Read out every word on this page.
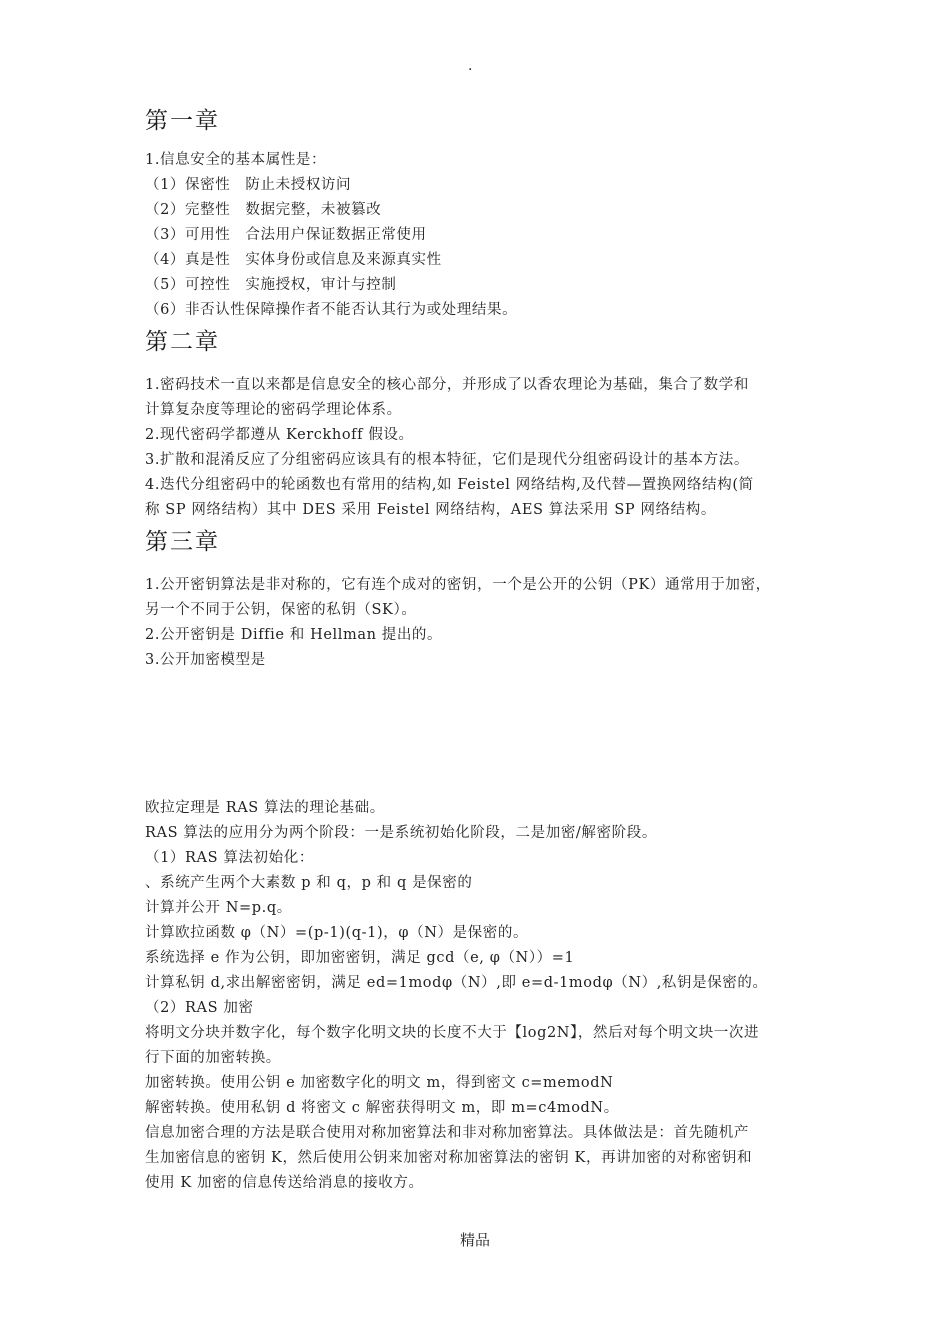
.
第一章
1.信息安全的基本属性是：
（1）保密性　防止未授权访问
（2）完整性　数据完整，未被篡改
（3）可用性　合法用户保证数据正常使用
（4）真是性　实体身份或信息及来源真实性
（5）可控性　实施授权，审计与控制
（6）非否认性保障操作者不能否认其行为或处理结果。
第二章
1.密码技术一直以来都是信息安全的核心部分，并形成了以香农理论为基础，集合了数学和
计算复杂度等理论的密码学理论体系。
2.现代密码学都遵从 Kerckhoff 假设。
3.扩散和混淆反应了分组密码应该具有的根本特征，它们是现代分组密码设计的基本方法。
4.迭代分组密码中的轮函数也有常用的结构,如 Feistel 网络结构,及代替—置换网络结构(简
称 SP 网络结构）其中 DES 采用 Feistel 网络结构，AES 算法采用 SP 网络结构。
第三章
1.公开密钥算法是非对称的，它有连个成对的密钥，一个是公开的公钥（PK）通常用于加密，
另一个不同于公钥，保密的私钥（SK）。
2.公开密钥是 Diffie 和 Hellman 提出的。
3.公开加密模型是
欧拉定理是 RAS 算法的理论基础。
RAS 算法的应用分为两个阶段：一是系统初始化阶段，二是加密/解密阶段。
（1）RAS 算法初始化：
、系统产生两个大素数 p 和 q，p 和 q 是保密的
计算并公开 N=p.q。
计算欧拉函数 φ（N）=(p-1)(q-1)，φ（N）是保密的。
系统选择 e 作为公钥，即加密密钥，满足 gcd（e, φ（N））=1
计算私钥 d,求出解密密钥，满足 ed=1modφ（N）,即 e=d-1modφ（N）,私钥是保密的。
（2）RAS 加密
将明文分块并数字化，每个数字化明文块的长度不大于【log2N】，然后对每个明文块一次进
行下面的加密转换。
加密转换。使用公钥 e 加密数字化的明文 m，得到密文 c=memodN
解密转换。使用私钥 d 将密文 c 解密获得明文 m，即 m=c4modN。
信息加密合理的方法是联合使用对称加密算法和非对称加密算法。具体做法是：首先随机产
生加密信息的密钥 K，然后使用公钥来加密对称加密算法的密钥 K，再讲加密的对称密钥和
使用 K 加密的信息传送给消息的接收方。
精品
